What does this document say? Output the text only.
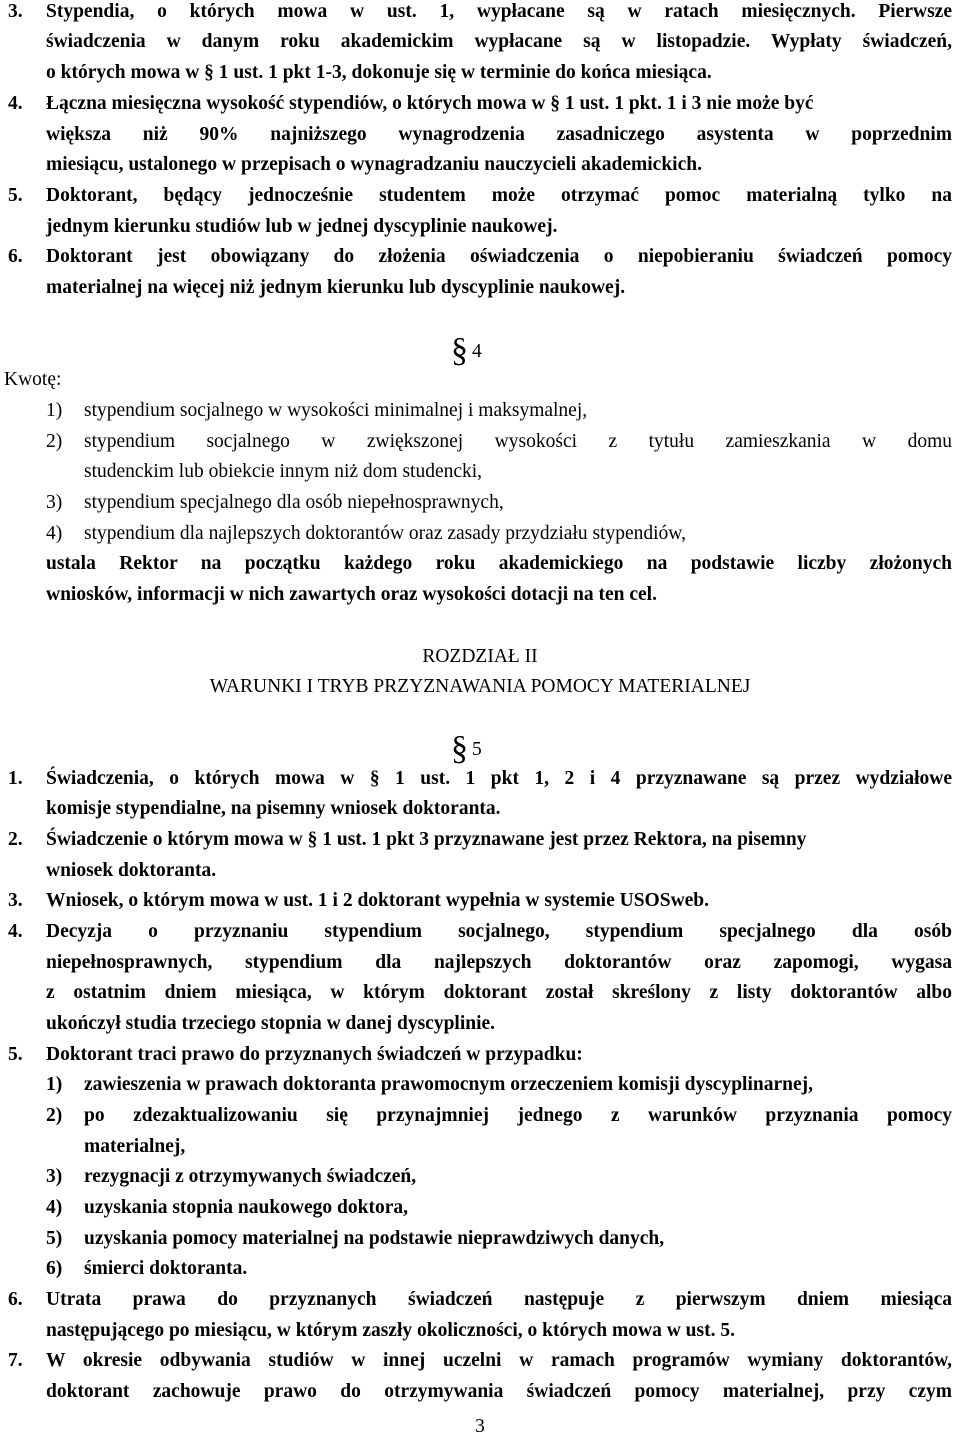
3. Stypendia, o których mowa w ust. 1, wypłacane są w ratach miesięcznych. Pierwsze
świadczenia w danym roku akademickim wypłacane są w listopadzie. Wypłaty świadczeń,
o których mowa w § 1 ust. 1 pkt 1-3, dokonuje się w terminie do końca miesiąca.
4. Łączna miesięczna wysokość stypendiów, o których mowa w § 1 ust. 1 pkt. 1 i 3 nie może być
większa niż 90% najniższego wynagrodzenia zasadniczego asystenta w poprzednim
miesiącu, ustalonego w przepisach o wynagradzaniu nauczycieli akademickich.
5. Doktorant, będący jednocześnie studentem może otrzymać pomoc materialną tylko na
jednym kierunku studiów lub w jednej dyscyplinie naukowej.
6. Doktorant jest obowiązany do złożenia oświadczenia o niepobieraniu świadczeń pomocy
materialnej na więcej niż jednym kierunku lub dyscyplinie naukowej.
§ 4
Kwotę:
1) stypendium socjalnego w wysokości minimalnej i maksymalnej,
2) stypendium socjalnego w zwiększonej wysokości z tytułu zamieszkania w domu
studenckim lub obiekcie innym niż dom studencki,
3) stypendium specjalnego dla osób niepełnosprawnych,
4) stypendium dla najlepszych doktorantów oraz zasady przydziału stypendiów,
ustala Rektor na początku każdego roku akademickiego na podstawie liczby złożonych
wniosków, informacji w nich zawartych oraz wysokości dotacji na ten cel.
ROZDZIAŁ II
WARUNKI I TRYB PRZYZNAWANIA POMOCY MATERIALNEJ
§ 5
1. Świadczenia, o których mowa w § 1 ust. 1 pkt 1, 2 i 4 przyznawane są przez wydziałowe
komisje stypendialne, na pisemny wniosek doktoranta.
2. Świadczenie o którym mowa w § 1 ust. 1 pkt 3 przyznawane jest przez Rektora, na pisemny
wniosek doktoranta.
3. Wniosek, o którym mowa w ust. 1 i 2 doktorant wypełnia w systemie USOSweb.
4. Decyzja o przyznaniu stypendium socjalnego, stypendium specjalnego dla osób
niepełnosprawnych, stypendium dla najlepszych doktorantów oraz zapomogi, wygasa
z ostatnim dniem miesiąca, w którym doktorant został skreślony z listy doktorantów albo
ukończył studia trzeciego stopnia w danej dyscyplinie.
5. Doktorant traci prawo do przyznanych świadczeń w przypadku:
1) zawieszenia w prawach doktoranta prawomocnym orzeczeniem komisji dyscyplinarnej,
2) po zdezaktualizowaniu się przynajmniej jednego z warunków przyznania pomocy
materialnej,
3) rezygnacji z otrzymywanych świadczeń,
4) uzyskania stopnia naukowego doktora,
5) uzyskania pomocy materialnej na podstawie nieprawdziwych danych,
6) śmierci doktoranta.
6. Utrata prawa do przyznanych świadczeń następuje z pierwszym dniem miesiąca
następującego po miesiącu, w którym zaszły okoliczności, o których mowa w ust. 5.
7. W okresie odbywania studiów w innej uczelni w ramach programów wymiany doktorantów,
doktorant zachowuje prawo do otrzymywania świadczeń pomocy materialnej, przy czym
3
